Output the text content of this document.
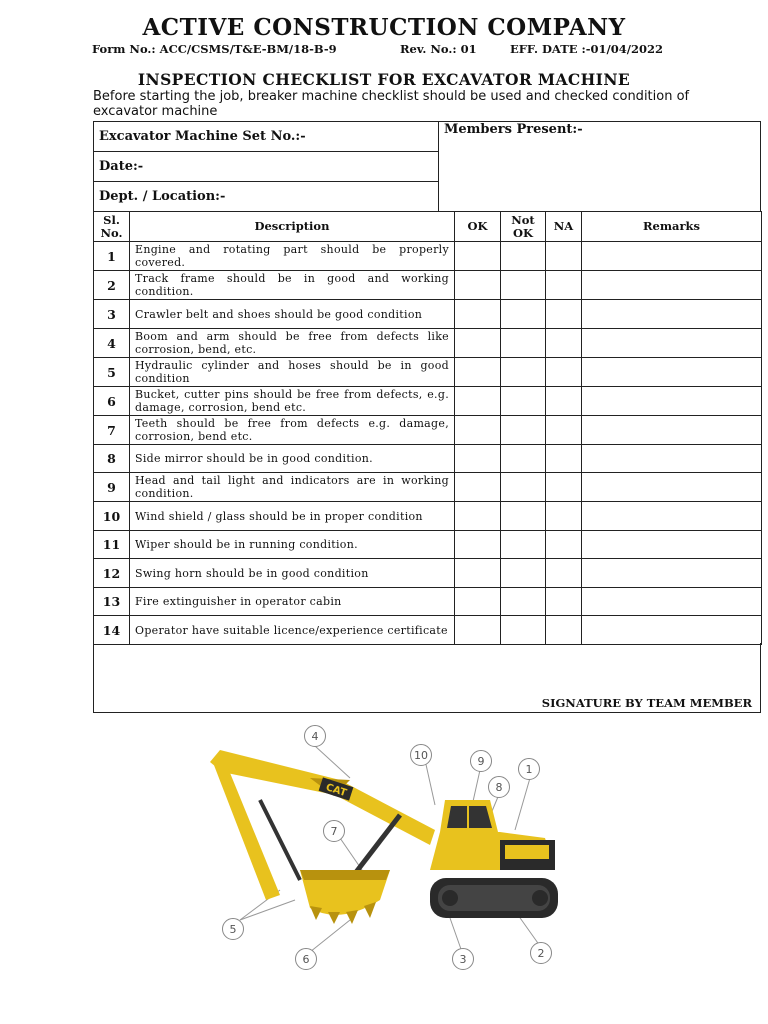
ACTIVE CONSTRUCTION COMPANY
Form No.: ACC/CSMS/T&E-BM/18-B-9	Rev. No.: 01	EFF. DATE :-01/04/2022
INSPECTION CHECKLIST FOR EXCAVATOR MACHINE
Before starting the job, breaker machine checklist should be used and checked condition of excavator machine
Excavator Machine Set No.:-
Date:-
Dept. / Location:-
Members Present:-
Sl. No.	Description	OK	Not OK	NA	Remarks
1	Engine and rotating part should be properly covered.				
2	Track frame should be in good and working condition.				
3	Crawler belt and shoes should be good condition				
4	Boom and arm should be free from defects like corrosion, bend, etc.				
5	Hydraulic cylinder and hoses should be in good condition				
6	Bucket, cutter pins should be free from defects, e.g. damage, corrosion, bend etc.				
7	Teeth should be free from defects e.g. damage, corrosion, bend etc.				
8	Side mirror should be in good condition.				
9	Head and tail light and indicators are in working condition.				
10	Wind shield / glass should be in proper condition				
11	Wiper should be in running condition.				
12	Swing horn should be in good condition				
13	Fire extinguisher in operator cabin				
14	Operator have suitable licence/experience certificate				
SIGNATURE BY TEAM MEMBER
CAT
1
2
3
4
5
6
7
8
9
10
